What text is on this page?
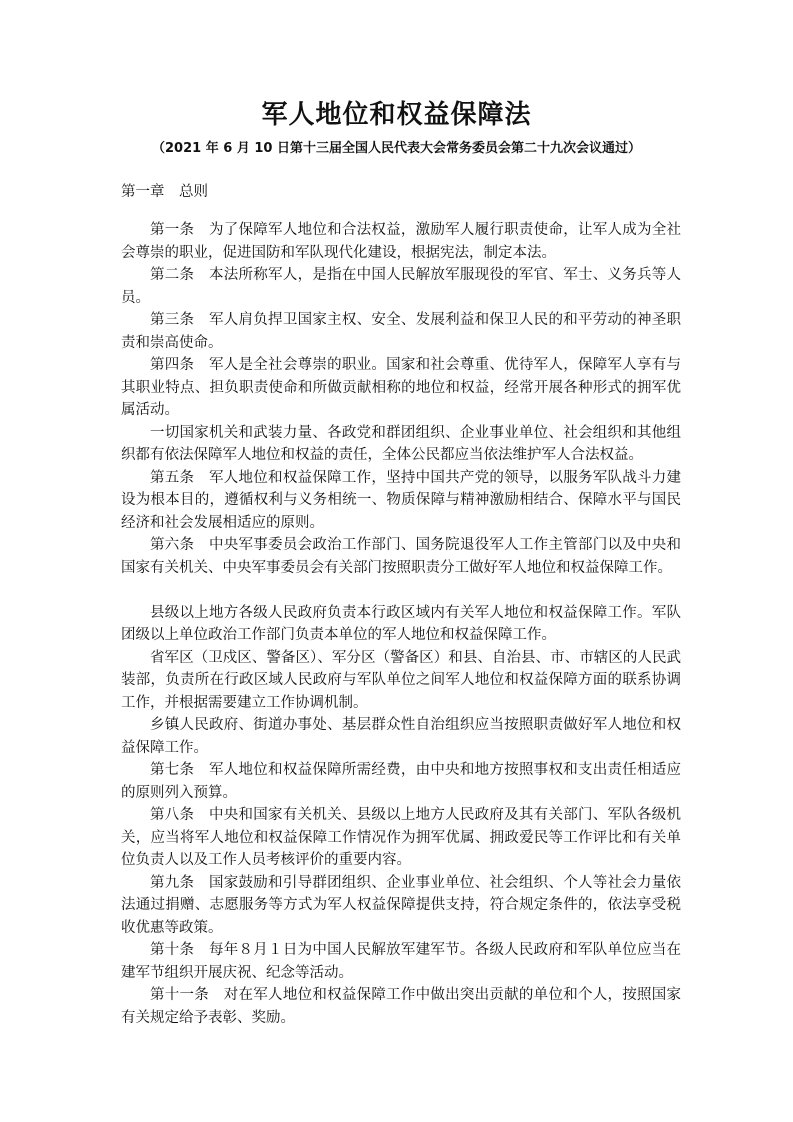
军人地位和权益保障法
（2021 年 6 月 10 日第十三届全国人民代表大会常务委员会第二十九次会议通过）
第一章　总则

第一条　为了保障军人地位和合法权益，激励军人履行职责使命，让军人成为全社会尊崇的职业，促进国防和军队现代化建设，根据宪法，制定本法。

第二条　本法所称军人，是指在中国人民解放军服现役的军官、军士、义务兵等人员。

第三条　军人肩负捍卫国家主权、安全、发展利益和保卫人民的和平劳动的神圣职责和崇高使命。

第四条　军人是全社会尊崇的职业。国家和社会尊重、优待军人，保障军人享有与其职业特点、担负职责使命和所做贡献相称的地位和权益，经常开展各种形式的拥军优属活动。

一切国家机关和武装力量、各政党和群团组织、企业事业单位、社会组织和其他组织都有依法保障军人地位和权益的责任，全体公民都应当依法维护军人合法权益。

第五条　军人地位和权益保障工作，坚持中国共产党的领导，以服务军队战斗力建设为根本目的，遵循权利与义务相统一、物质保障与精神激励相结合、保障水平与国民经济和社会发展相适应的原则。

第六条　中央军事委员会政治工作部门、国务院退役军人工作主管部门以及中央和国家有关机关、中央军事委员会有关部门按照职责分工做好军人地位和权益保障工作。

县级以上地方各级人民政府负责本行政区域内有关军人地位和权益保障工作。军队团级以上单位政治工作部门负责本单位的军人地位和权益保障工作。

省军区（卫戍区、警备区）、军分区（警备区）和县、自治县、市、市辖区的人民武装部，负责所在行政区域人民政府与军队单位之间军人地位和权益保障方面的联系协调工作，并根据需要建立工作协调机制。

乡镇人民政府、街道办事处、基层群众性自治组织应当按照职责做好军人地位和权益保障工作。

第七条　军人地位和权益保障所需经费，由中央和地方按照事权和支出责任相适应的原则列入预算。

第八条　中央和国家有关机关、县级以上地方人民政府及其有关部门、军队各级机关，应当将军人地位和权益保障工作情况作为拥军优属、拥政爱民等工作评比和有关单位负责人以及工作人员考核评价的重要内容。

第九条　国家鼓励和引导群团组织、企业事业单位、社会组织、个人等社会力量依法通过捐赠、志愿服务等方式为军人权益保障提供支持，符合规定条件的，依法享受税收优惠等政策。

第十条　每年８月１日为中国人民解放军建军节。各级人民政府和军队单位应当在建军节组织开展庆祝、纪念等活动。

第十一条　对在军人地位和权益保障工作中做出突出贡献的单位和个人，按照国家有关规定给予表彰、奖励。
